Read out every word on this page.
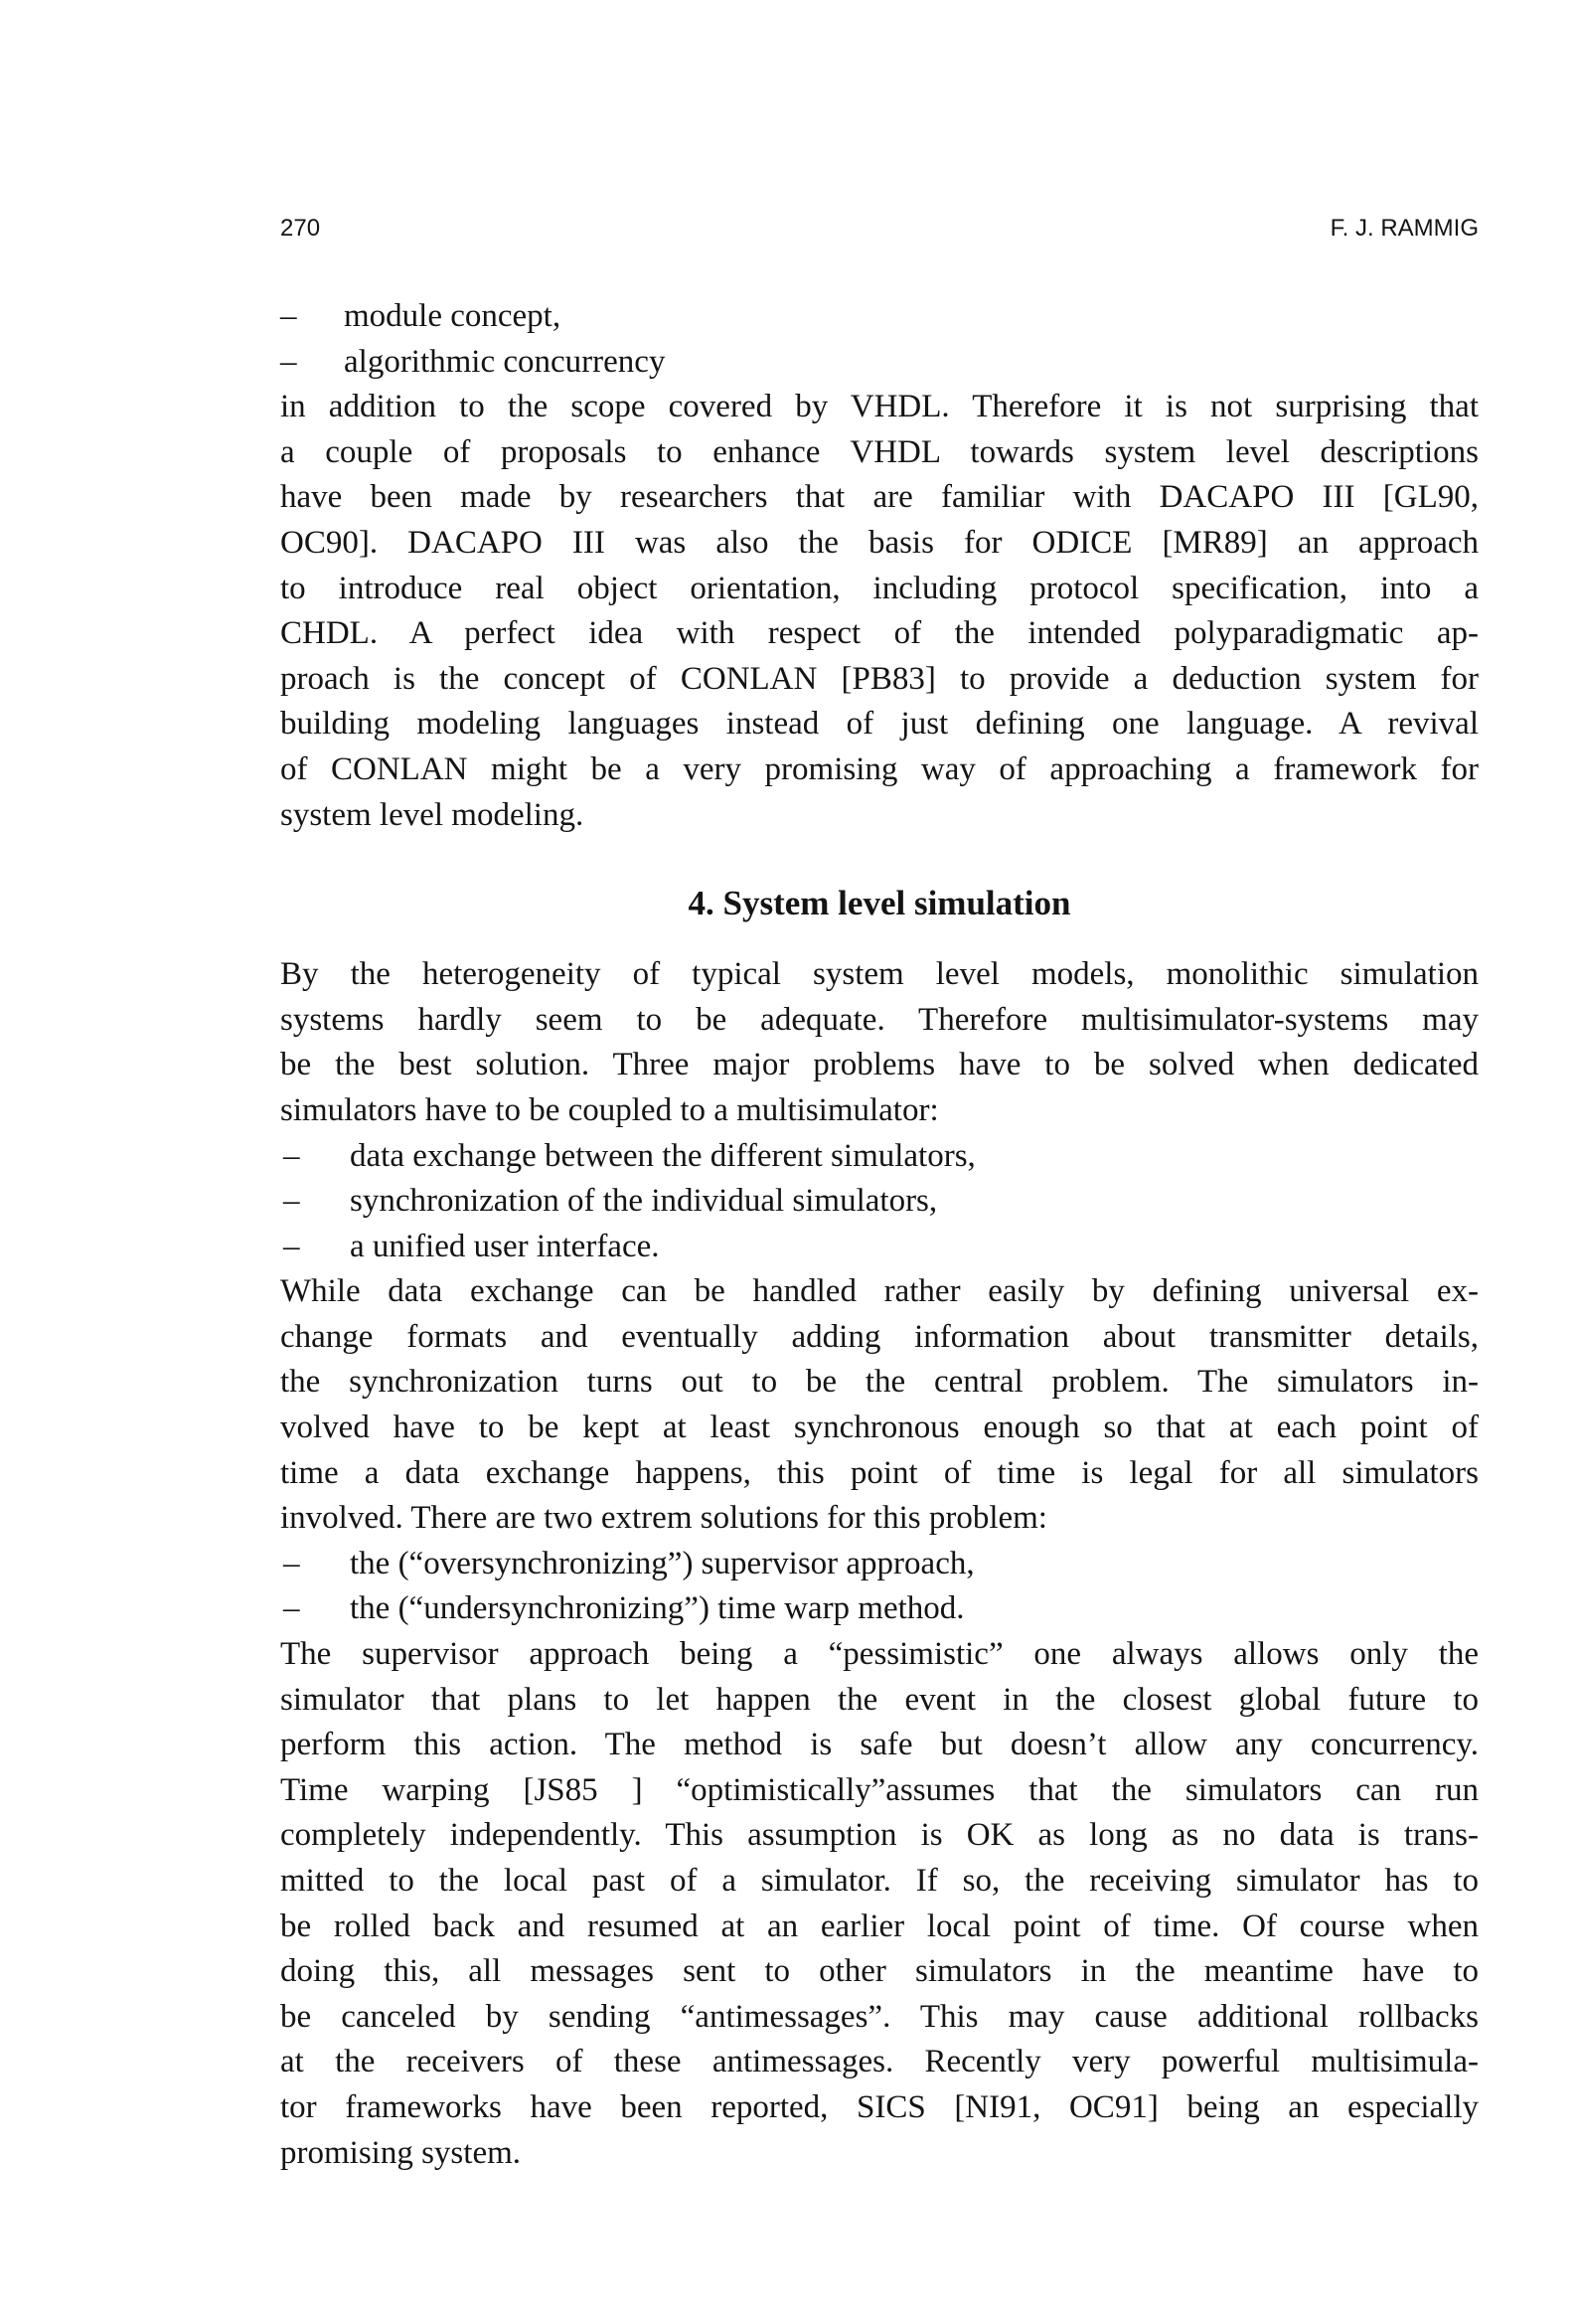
270	F. J. RAMMIG
– module concept,
– algorithmic concurrency
in addition to the scope covered by VHDL. Therefore it is not surprising that
a couple of proposals to enhance VHDL towards system level descriptions
have been made by researchers that are familiar with DACAPO III [GL90,
OC90]. DACAPO III was also the basis for ODICE [MR89] an approach
to introduce real object orientation, including protocol specification, into a
CHDL. A perfect idea with respect of the intended polyparadigmatic ap-
proach is the concept of CONLAN [PB83] to provide a deduction system for
building modeling languages instead of just defining one language. A revival
of CONLAN might be a very promising way of approaching a framework for
system level modeling.
4. System level simulation
By the heterogeneity of typical system level models, monolithic simulation
systems hardly seem to be adequate. Therefore multisimulator-systems may
be the best solution. Three major problems have to be solved when dedicated
simulators have to be coupled to a multisimulator:
– data exchange between the different simulators,
– synchronization of the individual simulators,
– a unified user interface.
While data exchange can be handled rather easily by defining universal ex-
change formats and eventually adding information about transmitter details,
the synchronization turns out to be the central problem. The simulators in-
volved have to be kept at least synchronous enough so that at each point of
time a data exchange happens, this point of time is legal for all simulators
involved. There are two extrem solutions for this problem:
– the (“oversynchronizing”) supervisor approach,
– the (“undersynchronizing”) time warp method.
The supervisor approach being a “pessimistic” one always allows only the
simulator that plans to let happen the event in the closest global future to
perform this action. The method is safe but doesn’t allow any concurrency.
Time warping [JS85 ] “optimistically”assumes that the simulators can run
completely independently. This assumption is OK as long as no data is trans-
mitted to the local past of a simulator. If so, the receiving simulator has to
be rolled back and resumed at an earlier local point of time. Of course when
doing this, all messages sent to other simulators in the meantime have to
be canceled by sending “antimessages”. This may cause additional rollbacks
at the receivers of these antimessages. Recently very powerful multisimula-
tor frameworks have been reported, SICS [NI91, OC91] being an especially
promising system.
